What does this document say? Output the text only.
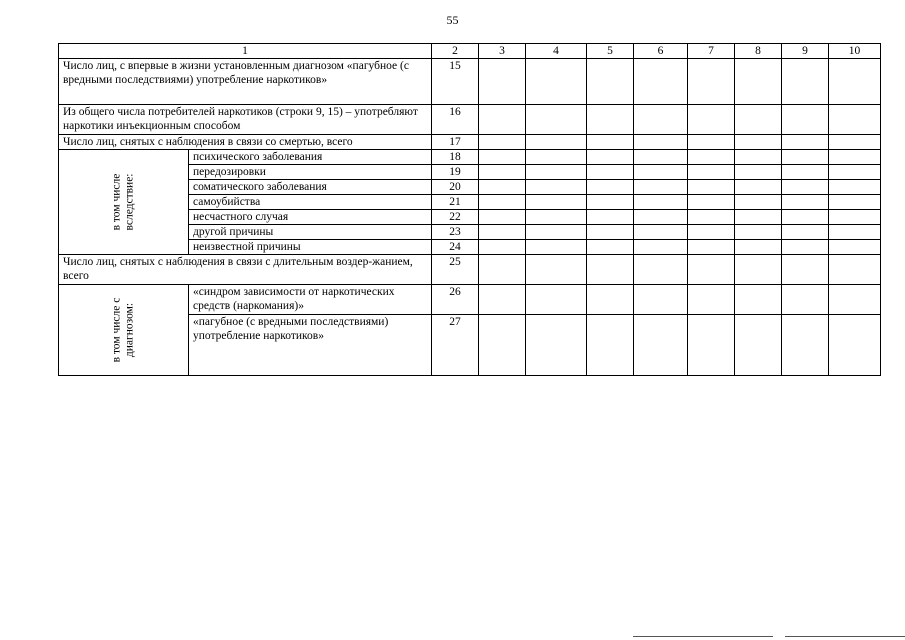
55
1		2	3	4	5	6	7	8	9	10
Число лиц, с впервые в жизни установленным диагнозом «пагубное (с вредными последствиями) употребление наркотиков»		15								
Из общего числа потребителей наркотиков (строки 9, 15) – употребляют наркотики инъекционным способом		16								
Число лиц, снятых с наблюдения в связи со смертью, всего		17								

в том числе вследствие:	психического заболевания	18								
	передозировки	19								
	соматического заболевания	20								
	самоубийства	21								
	несчастного случая	22								
	другой причины	23								
	неизвестной причины	24								
Число лиц, снятых с наблюдения в связи с длительным воздер-жанием, всего		25								

в том числе с диагнозом:	«синдром зависимости от наркотических средств (наркомания)»	26								
	«пагубное (с вредными последствиями) употребление наркотиков»	27								
